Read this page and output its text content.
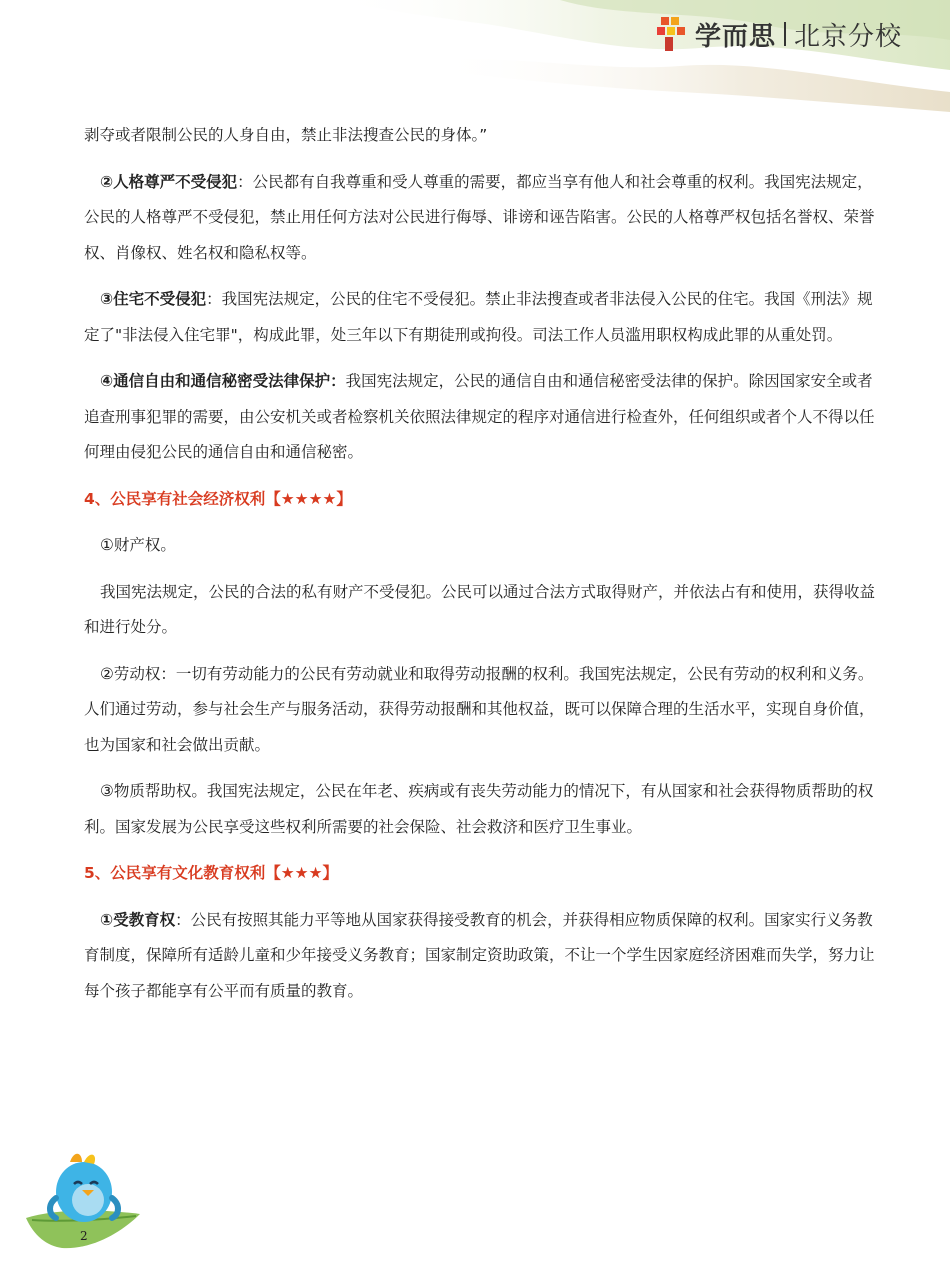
学而思 北京分校

剥夺或者限制公民的人身自由，禁止非法搜查公民的身体。”

②人格尊严不受侵犯：公民都有自我尊重和受人尊重的需要，都应当享有他人和社会尊重的权利。我国宪法规定，公民的人格尊严不受侵犯，禁止用任何方法对公民进行侮辱、诽谤和诬告陷害。公民的人格尊严权包括名誉权、荣誉权、肖像权、姓名权和隐私权等。

③住宅不受侵犯：我国宪法规定，公民的住宅不受侵犯。禁止非法搜查或者非法侵入公民的住宅。我国《刑法》规定了"非法侵入住宅罪"，构成此罪，处三年以下有期徒刑或拘役。司法工作人员滥用职权构成此罪的从重处罚。

④通信自由和通信秘密受法律保护：我国宪法规定，公民的通信自由和通信秘密受法律的保护。除因国家安全或者追查刑事犯罪的需要，由公安机关或者检察机关依照法律规定的程序对通信进行检查外，任何组织或者个人不得以任何理由侵犯公民的通信自由和通信秘密。

4、公民享有社会经济权利【★★★★】

①财产权。

我国宪法规定，公民的合法的私有财产不受侵犯。公民可以通过合法方式取得财产，并依法占有和使用，获得收益和进行处分。

②劳动权：一切有劳动能力的公民有劳动就业和取得劳动报酬的权利。我国宪法规定，公民有劳动的权利和义务。人们通过劳动，参与社会生产与服务活动，获得劳动报酬和其他权益，既可以保障合理的生活水平，实现自身价值，也为国家和社会做出贡献。

③物质帮助权。我国宪法规定，公民在年老、疾病或有丧失劳动能力的情况下，有从国家和社会获得物质帮助的权利。国家发展为公民享受这些权利所需要的社会保险、社会救济和医疗卫生事业。

5、公民享有文化教育权利【★★★】

①受教育权：公民有按照其能力平等地从国家获得接受教育的机会，并获得相应物质保障的权利。国家实行义务教育制度，保障所有适龄儿童和少年接受义务教育；国家制定资助政策，不让一个学生因家庭经济困难而失学，努力让每个孩子都能享有公平而有质量的教育。

2
